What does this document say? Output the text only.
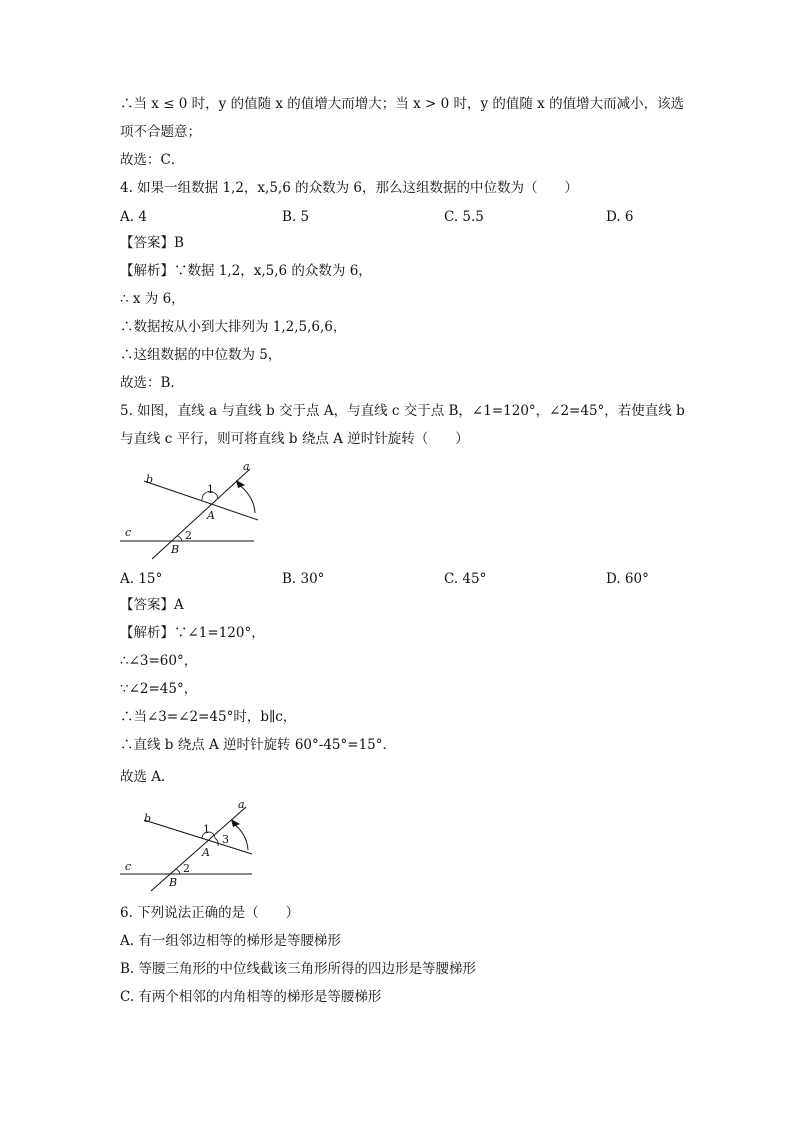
∴当 x ≤ 0 时，y 的值随 x 的值增大而增大；当 x > 0 时，y 的值随 x 的值增大而减小，该选
项不合题意；
故选：C．
4. 如果一组数据 1,2，x,5,6 的众数为 6，那么这组数据的中位数为（　　）
A. 4	B. 5	C. 5.5	D. 6
【答案】B
【解析】∵数据 1,2，x,5,6 的众数为 6，
∴ x 为 6，
∴数据按从小到大排列为 1,2,5,6,6，
∴这组数据的中位数为 5，
故选：B．
5. 如图，直线 a 与直线 b 交于点 A，与直线 c 交于点 B，∠1=120°，∠2=45°，若使直线 b
与直线 c 平行，则可将直线 b 绕点 A 逆时针旋转（　　）
a
b
c
A
B
1
2
A. 15°	B. 30°	C. 45°	D. 60°
【答案】A
【解析】∵∠1=120°，
∴∠3=60°，
∵∠2=45°，
∴当∠3=∠2=45°时，b∥c，
∴直线 b 绕点 A 逆时针旋转 60°-45°=15°．
故选 A．
a
b
c
A
B
1
3
2
6. 下列说法正确的是（　　）
A. 有一组邻边相等的梯形是等腰梯形
B. 等腰三角形的中位线截该三角形所得的四边形是等腰梯形
C. 有两个相邻的内角相等的梯形是等腰梯形
